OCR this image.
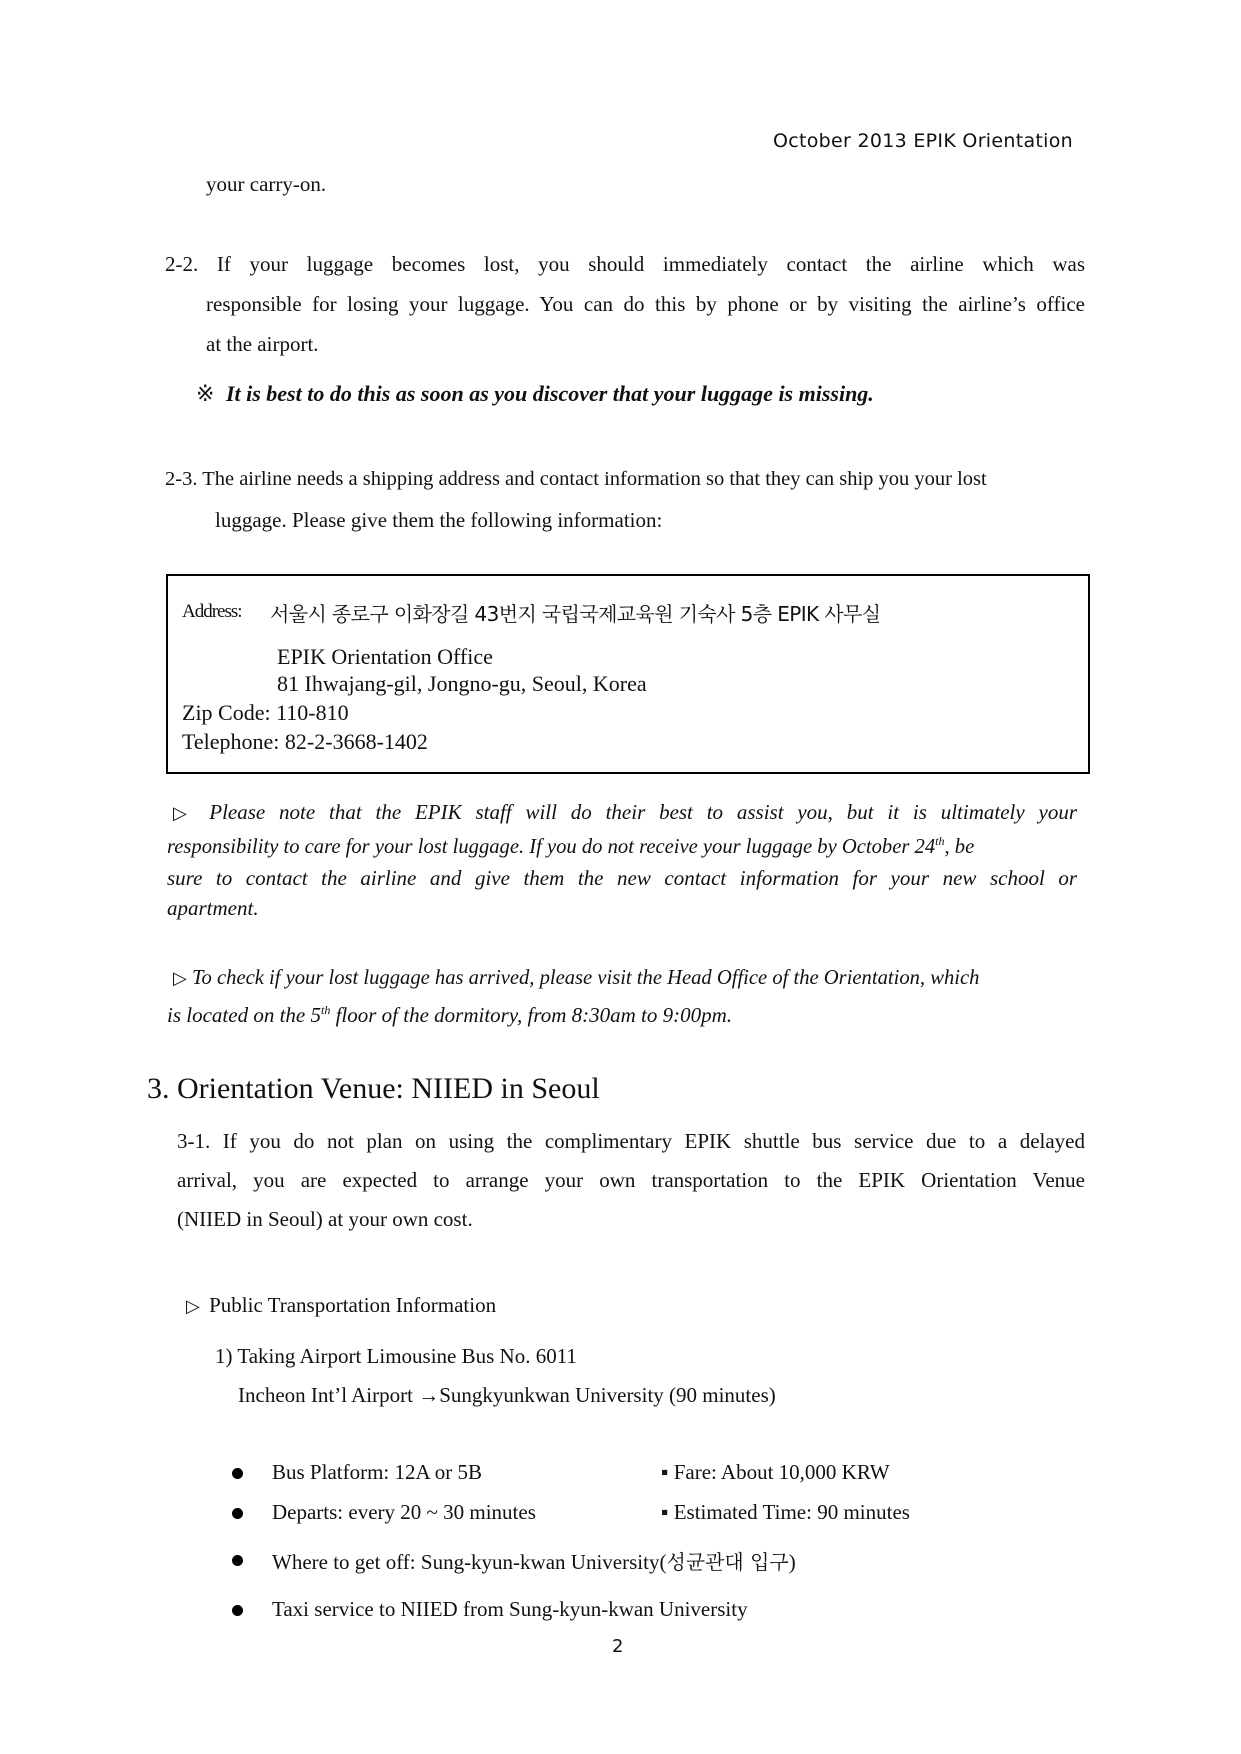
October 2013 EPIK Orientation
your carry-on.
2-2. If your luggage becomes lost, you should immediately contact the airline which was
responsible for losing your luggage. You can do this by phone or by visiting the airline’s office
at the airport.
※ It is best to do this as soon as you discover that your luggage is missing.
2-3. The airline needs a shipping address and contact information so that they can ship you your lost
luggage. Please give them the following information:
Address: 서울시 종로구 이화장길 43번지 국립국제교육원 기숙사 5층 EPIK 사무실
EPIK Orientation Office
81 Ihwajang-gil, Jongno-gu, Seoul, Korea
Zip Code: 110-810
Telephone: 82-2-3668-1402
▷ Please note that the EPIK staff will do their best to assist you, but it is ultimately your
responsibility to care for your lost luggage. If you do not receive your luggage by October 24th, be
sure to contact the airline and give them the new contact information for your new school or
apartment.
▷ To check if your lost luggage has arrived, please visit the Head Office of the Orientation, which
is located on the 5th floor of the dormitory, from 8:30am to 9:00pm.
3. Orientation Venue: NIIED in Seoul
3-1. If you do not plan on using the complimentary EPIK shuttle bus service due to a delayed
arrival, you are expected to arrange your own transportation to the EPIK Orientation Venue
(NIIED in Seoul) at your own cost.
▷ Public Transportation Information
1) Taking Airport Limousine Bus No. 6011
Incheon Int’l Airport →Sungkyunkwan University (90 minutes)
Bus Platform: 12A or 5B	▪ Fare: About 10,000 KRW
Departs: every 20 ~ 30 minutes	▪ Estimated Time: 90 minutes
Where to get off: Sung-kyun-kwan University(성균관대 입구)
Taxi service to NIIED from Sung-kyun-kwan University
2
